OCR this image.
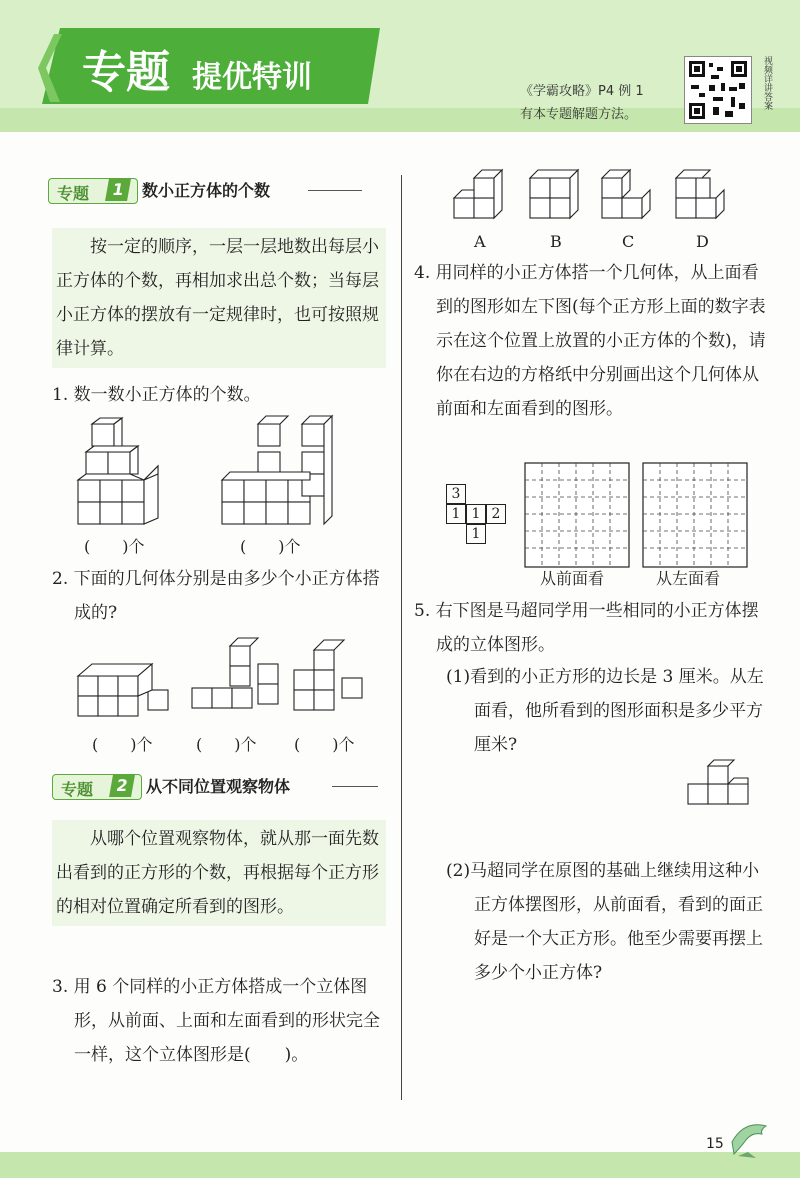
专题 提优特训	《学霸攻略》P4 例 1
有本专题解题方法。
视频详讲答案
专题	1	数小正方体的个数
按一定的顺序，一层一层地数出每层小正方体的个数，再相加求出总个数；当每层小正方体的摆放有一定规律时，也可按照规律计算。
1. 数一数小正方体的个数。
(　　)个	(　　)个
2. 下面的几何体分别是由多少个小正方体搭成的?
(　　)个	(　　)个 (　　)个
专题	2	从不同位置观察物体
从哪个位置观察物体，就从那一面先数出看到的正方形的个数，再根据每个正方形的相对位置确定所看到的图形。
3. 用 6 个同样的小正方体搭成一个立体图形，从前面、上面和左面看到的形状完全一样，这个立体图形是(　　)。
A	B	C	D
4. 用同样的小正方体搭一个几何体，从上面看到的图形如左下图(每个正方形上面的数字表示在这个位置上放置的小正方体的个数)，请你在右边的方格纸中分别画出这个几何体从前面和左面看到的图形。
3
1 1 2
1
从前面看	从左面看
5. 右下图是马超同学用一些相同的小正方体摆成的立体图形。
(1)看到的小正方形的边长是 3 厘米。从左面看，他所看到的图形面积是多少平方厘米?
(2)马超同学在原图的基础上继续用这种小正方体摆图形，从前面看，看到的面正好是一个大正方形。他至少需要再摆上多少个小正方体?
15
